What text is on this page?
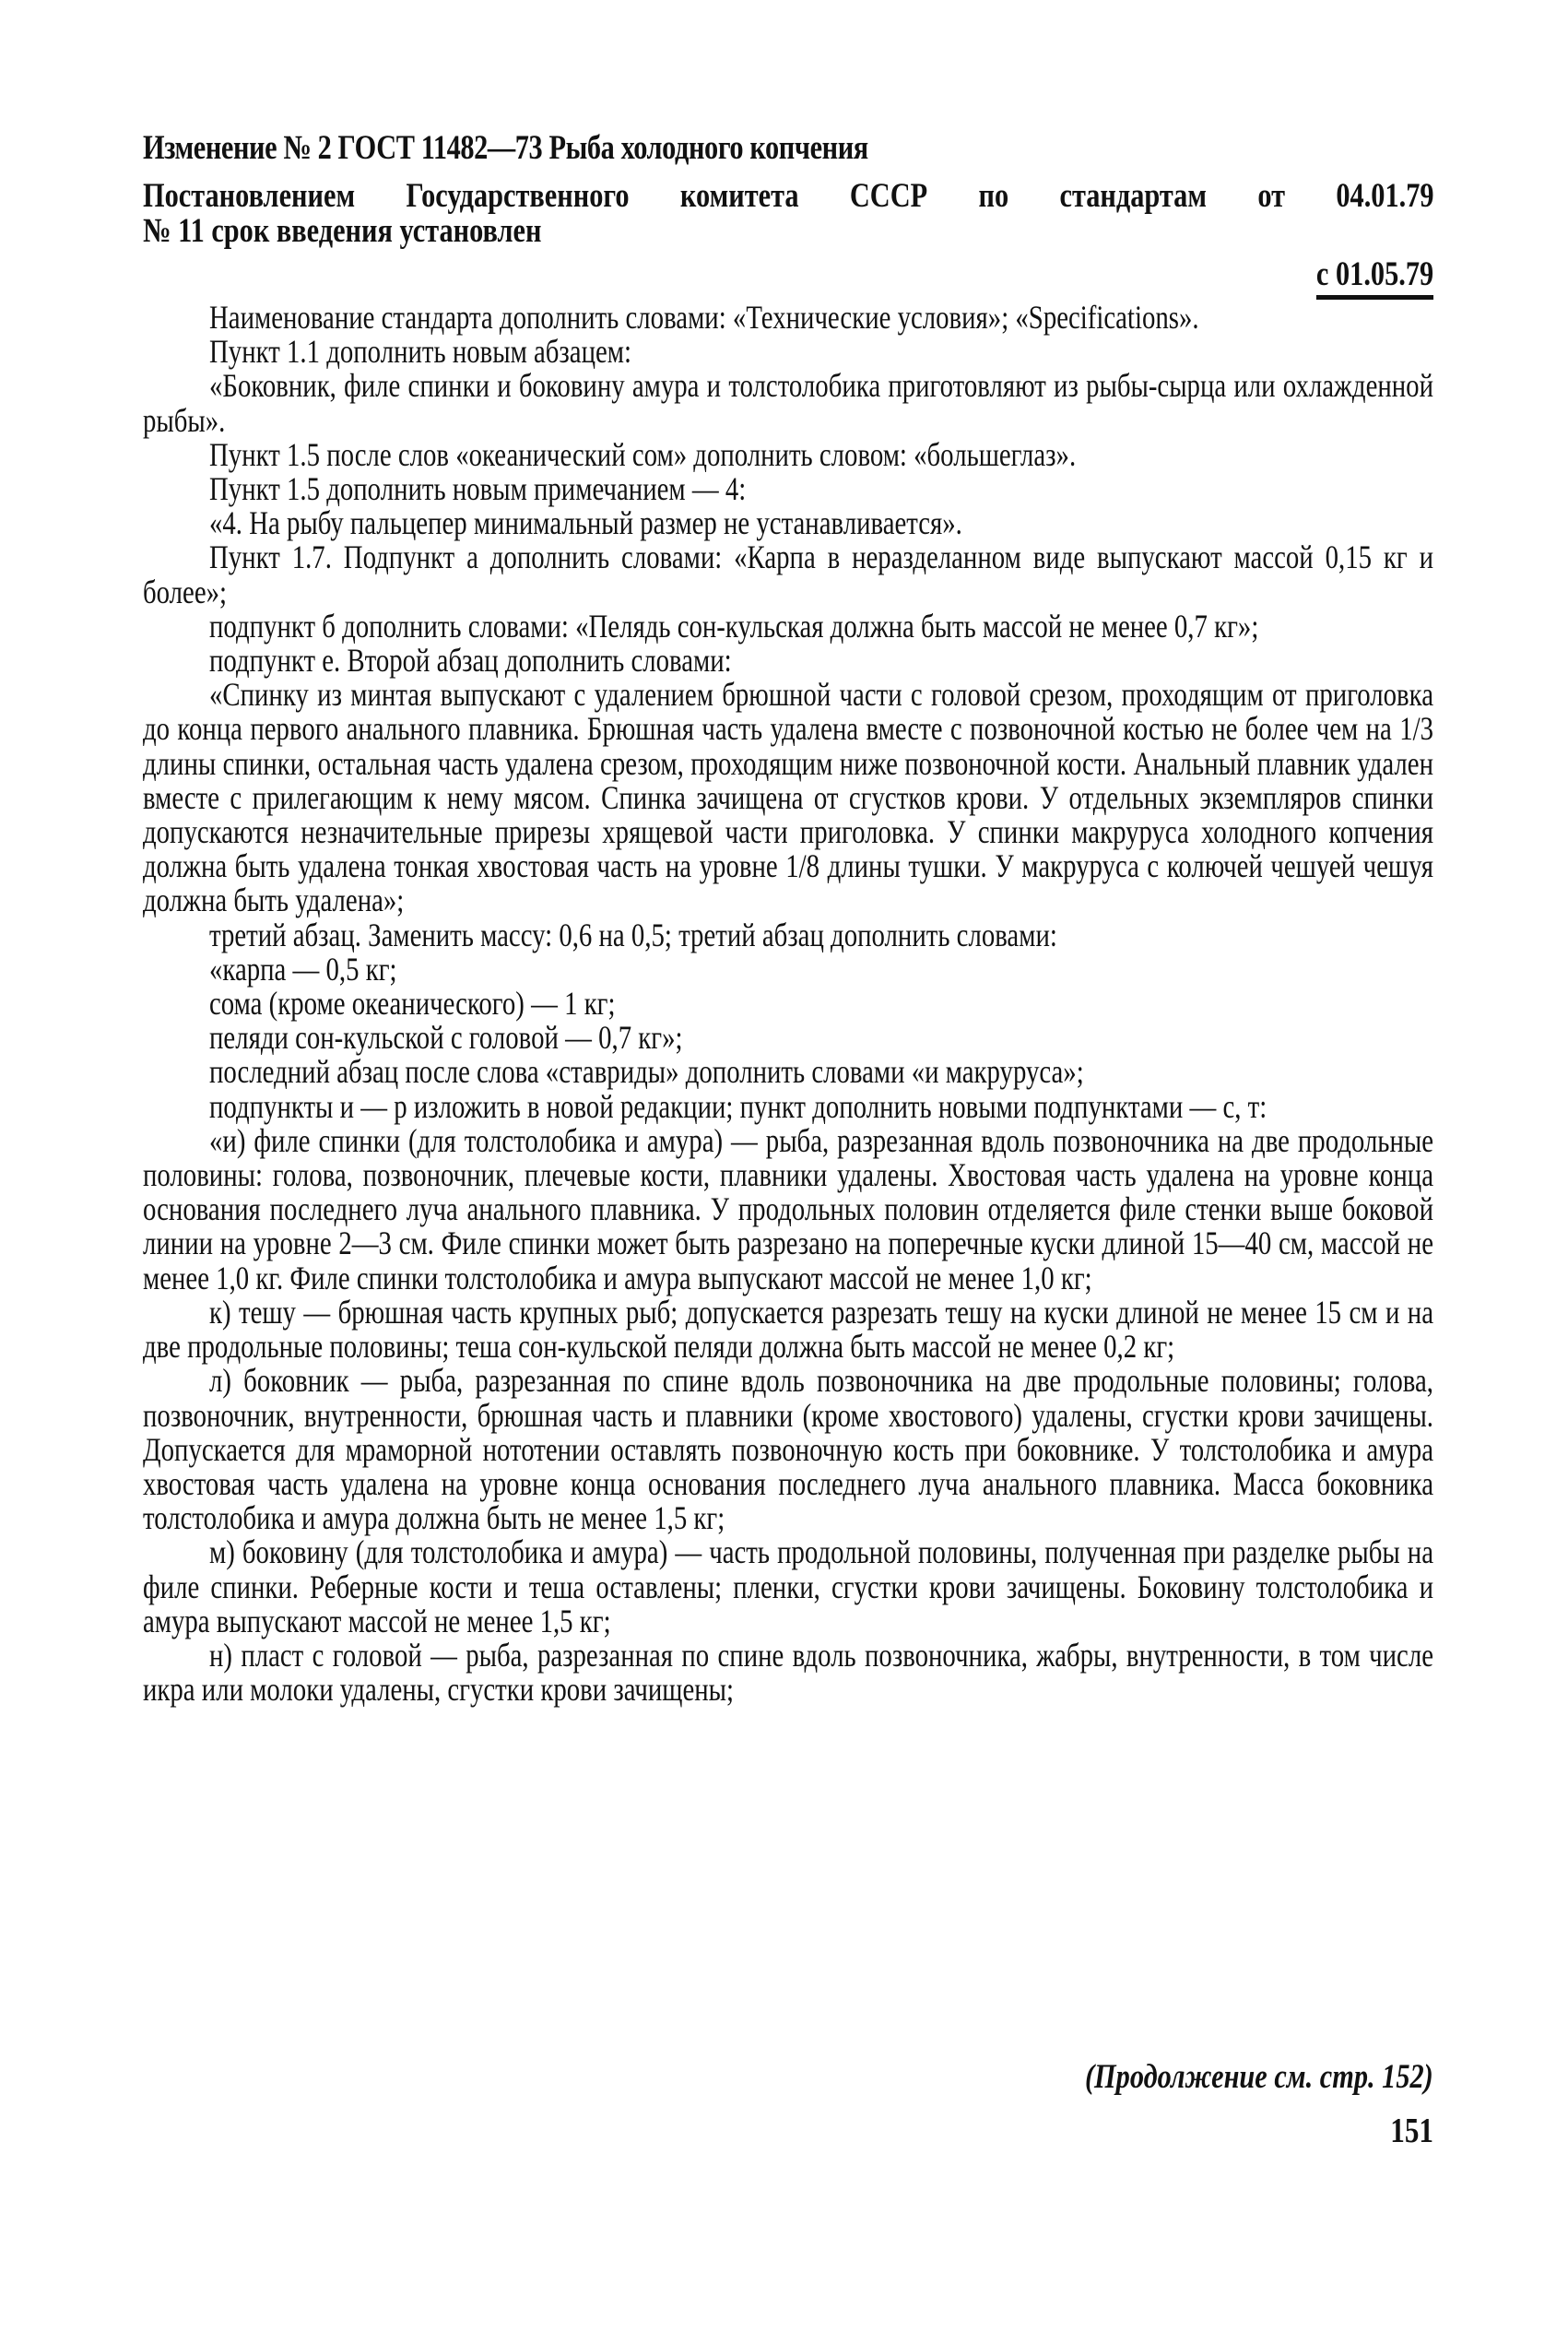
Изменение № 2 ГОСТ 11482—73 Рыба холодного копчения
Постановлением Государственного комитета СССР по стандартам от 04.01.79
№ 11 срок введения установлен
с 01.05.79

Наименование стандарта дополнить словами: «Технические условия»; «Specifications».

Пункт 1.1 дополнить новым абзацем:

«Боковник, филе спинки и боковину амура и толстолобика приготовляют из рыбы-сырца или охлажденной рыбы».

Пункт 1.5 после слов «океанический сом» дополнить словом: «большеглаз».

Пункт 1.5 дополнить новым примечанием — 4:

«4. На рыбу пальцепер минимальный размер не устанавливается».

Пункт 1.7. Подпункт а дополнить словами: «Карпа в неразделанном виде выпускают массой 0,15 кг и более»;

подпункт б дополнить словами: «Пелядь сон-кульская должна быть массой не менее 0,7 кг»;

подпункт е. Второй абзац дополнить словами:

«Спинку из минтая выпускают с удалением брюшной части с головой срезом, проходящим от приголовка до конца первого анального плавника. Брюшная часть удалена вместе с позвоночной костью не более чем на 1/3 длины спинки, остальная часть удалена срезом, проходящим ниже позвоночной кости. Анальный плавник удален вместе с прилегающим к нему мясом. Спинка зачищена от сгустков крови. У отдельных экземпляров спинки допускаются незначительные прирезы хрящевой части приголовка. У спинки макруруса холодного копчения должна быть удалена тонкая хвостовая часть на уровне 1/8 длины тушки. У макруруса с колючей чешуей чешуя должна быть удалена»;

третий абзац. Заменить массу: 0,6 на 0,5; третий абзац дополнить словами:

«карпа — 0,5 кг;

сома (кроме океанического) — 1 кг;

пеляди сон-кульской с головой — 0,7 кг»;

последний абзац после слова «ставриды» дополнить словами «и макруруса»;

подпункты и — р изложить в новой редакции; пункт дополнить новыми подпунктами — с, т:

«и) филе спинки (для толстолобика и амура) — рыба, разрезанная вдоль позвоночника на две продольные половины: голова, позвоночник, плечевые кости, плавники удалены. Хвостовая часть удалена на уровне конца основания последнего луча анального плавника. У продольных половин отделяется филе стенки выше боковой линии на уровне 2—3 см. Филе спинки может быть разрезано на поперечные куски длиной 15—40 см, массой не менее 1,0 кг. Филе спинки толстолобика и амура выпускают массой не менее 1,0 кг;

к) тешу — брюшная часть крупных рыб; допускается разрезать тешу на куски длиной не менее 15 см и на две продольные половины; теша сон-кульской пеляди должна быть массой не менее 0,2 кг;

л) боковник — рыба, разрезанная по спине вдоль позвоночника на две продольные половины; голова, позвоночник, внутренности, брюшная часть и плавники (кроме хвостового) удалены, сгустки крови зачищены. Допускается для мраморной нототении оставлять позвоночную кость при боковнике. У толстолобика и амура хвостовая часть удалена на уровне конца основания последнего луча анального плавника. Масса боковника толстолобика и амура должна быть не менее 1,5 кг;

м) боковину (для толстолобика и амура) — часть продольной половины, полученная при разделке рыбы на филе спинки. Реберные кости и теша оставлены; пленки, сгустки крови зачищены. Боковину толстолобика и амура выпускают массой не менее 1,5 кг;

н) пласт с головой — рыба, разрезанная по спине вдоль позвоночника, жабры, внутренности, в том числе икра или молоки удалены, сгустки крови зачищены;

(Продолжение см. стр. 152)
151
